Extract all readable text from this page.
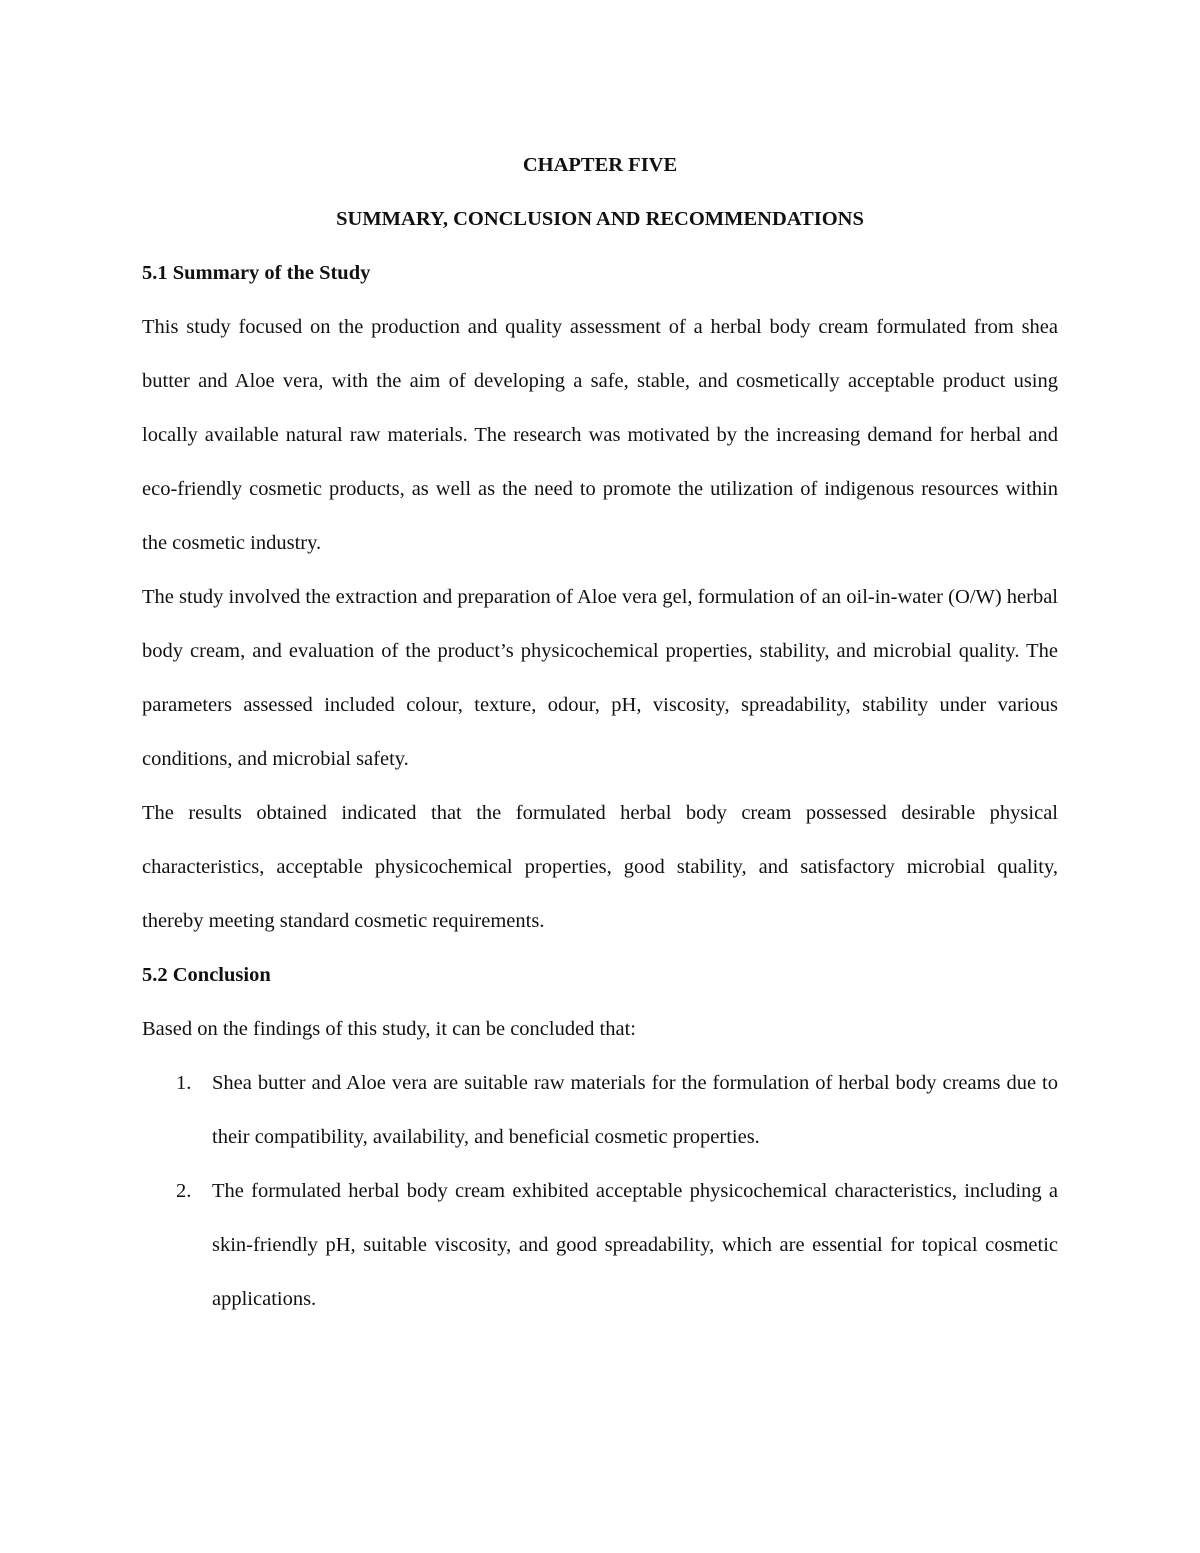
CHAPTER FIVE

SUMMARY, CONCLUSION AND RECOMMENDATIONS

5.1 Summary of the Study

This study focused on the production and quality assessment of a herbal body cream formulated from shea butter and Aloe vera, with the aim of developing a safe, stable, and cosmetically acceptable product using locally available natural raw materials. The research was motivated by the increasing demand for herbal and eco-friendly cosmetic products, as well as the need to promote the utilization of indigenous resources within the cosmetic industry.

The study involved the extraction and preparation of Aloe vera gel, formulation of an oil-in-water (O/W) herbal body cream, and evaluation of the product’s physicochemical properties, stability, and microbial quality. The parameters assessed included colour, texture, odour, pH, viscosity, spreadability, stability under various conditions, and microbial safety.

The results obtained indicated that the formulated herbal body cream possessed desirable physical characteristics, acceptable physicochemical properties, good stability, and satisfactory microbial quality, thereby meeting standard cosmetic requirements.

5.2 Conclusion

Based on the findings of this study, it can be concluded that:

1. Shea butter and Aloe vera are suitable raw materials for the formulation of herbal body creams due to their compatibility, availability, and beneficial cosmetic properties.
2. The formulated herbal body cream exhibited acceptable physicochemical characteristics, including a skin-friendly pH, suitable viscosity, and good spreadability, which are essential for topical cosmetic applications.
